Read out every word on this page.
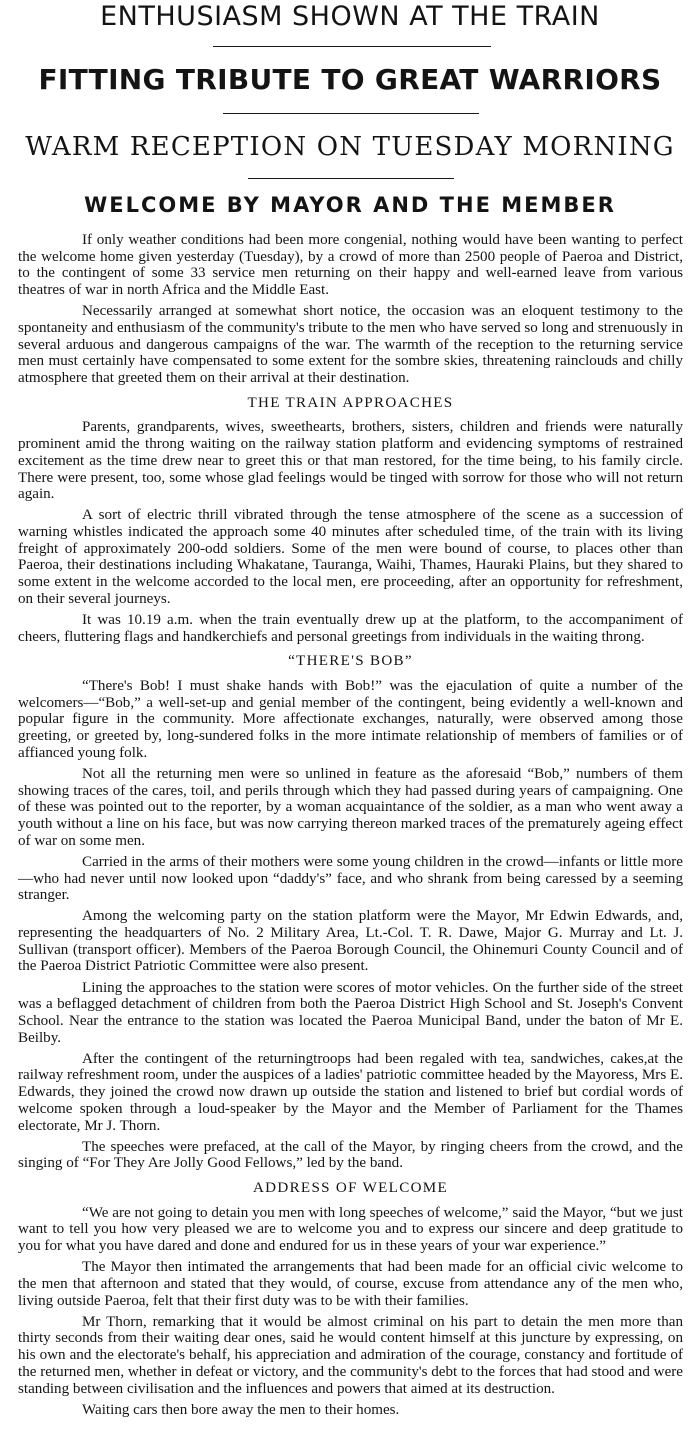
ENTHUSIASM SHOWN AT THE TRAIN
FITTING TRIBUTE TO GREAT WARRIORS
WARM RECEPTION ON TUESDAY MORNING
WELCOME BY MAYOR AND THE MEMBER

If only weather conditions had been more congenial, nothing would have been wanting to perfect the welcome home given yesterday (Tuesday), by a crowd of more than 2500 people of Paeroa and District, to the contingent of some 33 service men returning on their happy and well-earned leave from various theatres of war in north Africa and the Middle East.

Necessarily arranged at somewhat short notice, the occasion was an eloquent testimony to the spontaneity and enthusiasm of the community's tribute to the men who have served so long and strenuously in several arduous and dangerous campaigns of the war. The warmth of the reception to the returning service men must certainly have compensated to some extent for the sombre skies, threatening rainclouds and chilly atmosphere that greeted them on their arrival at their destination.

THE TRAIN APPROACHES

Parents, grandparents, wives, sweethearts, brothers, sisters, children and friends were naturally prominent amid the throng waiting on the railway station platform and evidencing symptoms of restrained excitement as the time drew near to greet this or that man restored, for the time being, to his family circle. There were present, too, some whose glad feelings would be tinged with sorrow for those who will not return again.

A sort of electric thrill vibrated through the tense atmosphere of the scene as a succession of warning whistles indicated the approach some 40 minutes after scheduled time, of the train with its living freight of approximately 200-odd soldiers. Some of the men were bound of course, to places other than Paeroa, their destinations including Whakatane, Tauranga, Waihi, Thames, Hauraki Plains, but they shared to some extent in the welcome accorded to the local men, ere proceeding, after an opportunity for refreshment, on their several journeys.

It was 10.19 a.m. when the train eventually drew up at the platform, to the accompaniment of cheers, fluttering flags and handkerchiefs and personal greetings from individuals in the waiting throng.

“THERE'S BOB”

“There's Bob! I must shake hands with Bob!” was the ejaculation of quite a number of the welcomers—“Bob,” a well-set-up and genial member of the contingent, being evidently a well-known and popular figure in the community. More affectionate exchanges, naturally, were observed among those greeting, or greeted by, long-sundered folks in the more intimate relationship of members of families or of affianced young folk.

Not all the returning men were so unlined in feature as the aforesaid “Bob,” numbers of them showing traces of the cares, toil, and perils through which they had passed during years of campaigning. One of these was pointed out to the reporter, by a woman acquaintance of the soldier, as a man who went away a youth without a line on his face, but was now carrying thereon marked traces of the prematurely ageing effect of war on some men.

Carried in the arms of their mothers were some young children in the crowd—infants or little more—who had never until now looked upon “daddy's” face, and who shrank from being caressed by a seeming stranger.

Among the welcoming party on the station platform were the Mayor, Mr Edwin Edwards, and, representing the headquarters of No. 2 Military Area, Lt.-Col. T. R. Dawe, Major G. Murray and Lt. J. Sullivan (transport officer). Members of the Paeroa Borough Council, the Ohinemuri County Council and of the Paeroa District Patriotic Committee were also present.

Lining the approaches to the station were scores of motor vehicles. On the further side of the street was a beflagged detachment of children from both the Paeroa District High School and St. Joseph's Convent School. Near the entrance to the station was located the Paeroa Municipal Band, under the baton of Mr E. Beilby.

After the contingent of the returningtroops had been regaled with tea, sandwiches, cakes,at the railway refreshment room, under the auspices of a ladies' patriotic committee headed by the Mayoress, Mrs E. Edwards, they joined the crowd now drawn up outside the station and listened to brief but cordial words of welcome spoken through a loud-speaker by the Mayor and the Member of Parliament for the Thames electorate, Mr J. Thorn.

The speeches were prefaced, at the call of the Mayor, by ringing cheers from the crowd, and the singing of “For They Are Jolly Good Fellows,” led by the band.

ADDRESS OF WELCOME

“We are not going to detain you men with long speeches of welcome,” said the Mayor, “but we just want to tell you how very pleased we are to welcome you and to express our sincere and deep gratitude to you for what you have dared and done and endured for us in these years of your war experience.”

The Mayor then intimated the arrangements that had been made for an official civic welcome to the men that afternoon and stated that they would, of course, excuse from attendance any of the men who, living outside Paeroa, felt that their first duty was to be with their families.

Mr Thorn, remarking that it would be almost criminal on his part to detain the men more than thirty seconds from their waiting dear ones, said he would content himself at this juncture by expressing, on his own and the electorate's behalf, his appreciation and admiration of the courage, constancy and fortitude of the returned men, whether in defeat or victory, and the community's debt to the forces that had stood and were standing between civilisation and the influences and powers that aimed at its destruction.

Waiting cars then bore away the men to their homes.
